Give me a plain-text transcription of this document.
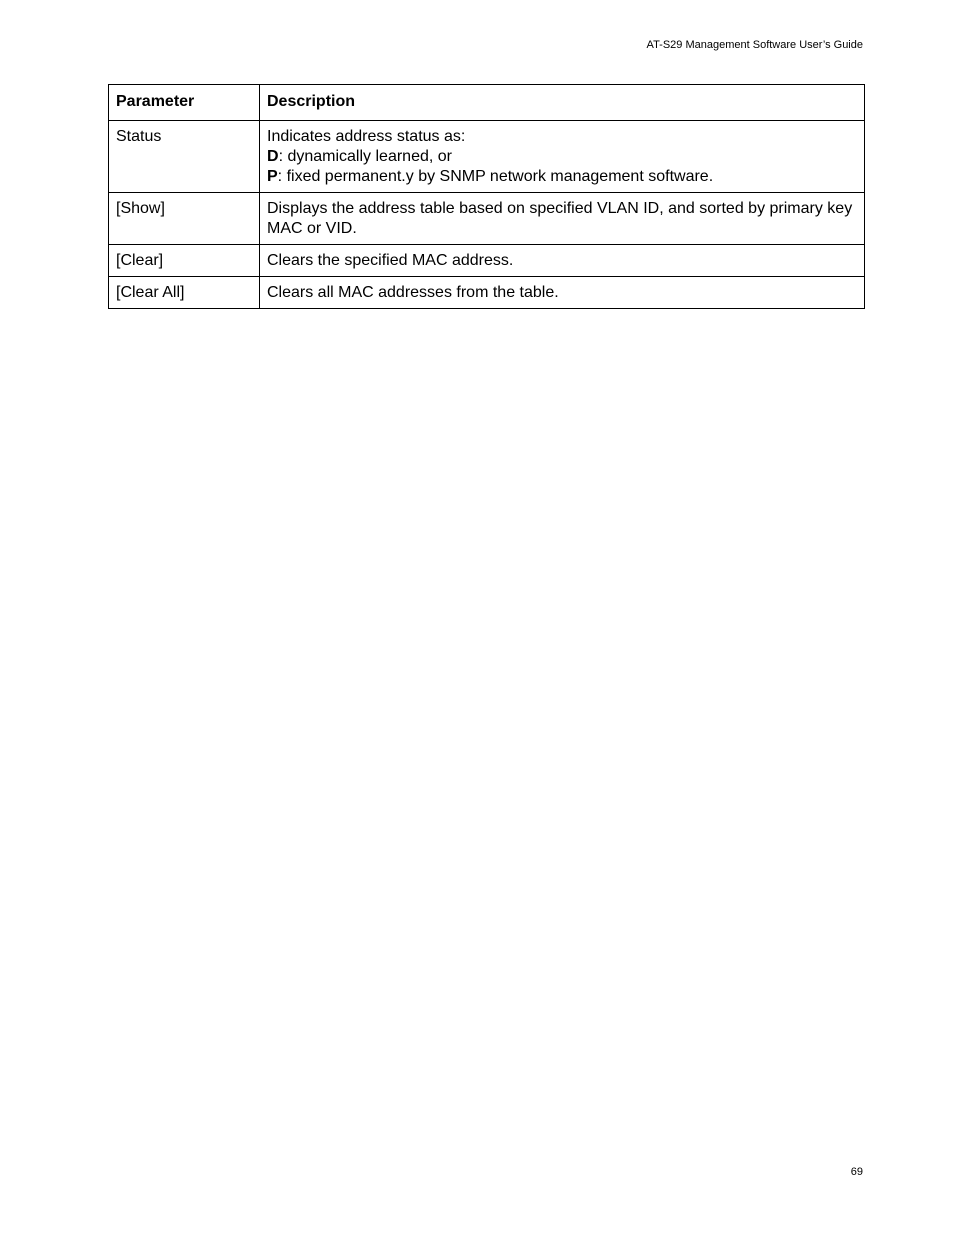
AT-S29 Management Software User’s Guide
Parameter	Description
Status	Indicates address status as:
D: dynamically learned, or
P: fixed permanent.y by SNMP network management software.

[Show]	Displays the address table based on specified VLAN ID, and sorted by primary key MAC or VID.
[Clear]	Clears the specified MAC address.
[Clear All]	Clears all MAC addresses from the table.
69
